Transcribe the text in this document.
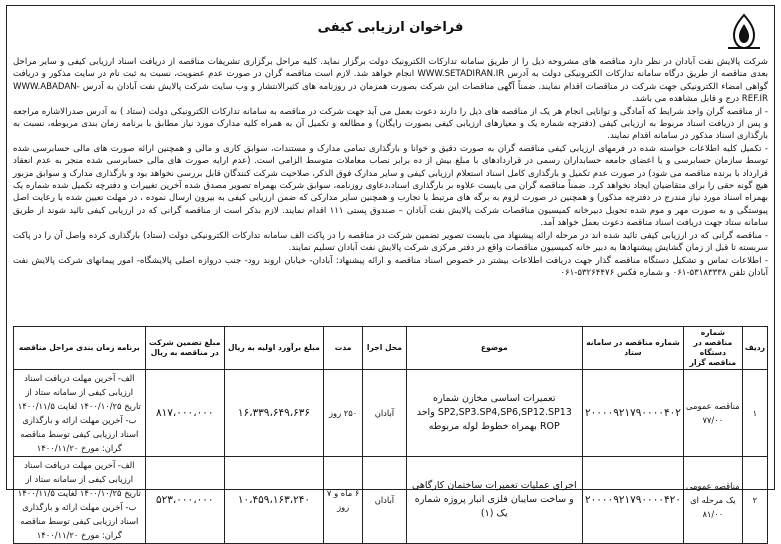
فراخوان ارزیابی کیفی

شرکت پالایش نفت آبادان در نظر دارد مناقصه های مشروحه ذیل را از طریق سامانه تدارکات الکترونیک دولت برگزار نماید. کلیه مراحل برگزاری تشریفات مناقصه از دریافت اسناد ارزیابی کیفی و سایر مراحل بعدی مناقصه از طریق درگاه سامانه تدارکات الکترونیکی دولت به آدرس WWW.SETADIRAN.IR انجام خواهد شد. لازم است مناقصه گران در صورت عدم عضویت، نسبت به ثبت نام در سایت مذکور و دریافت گواهی امضاء الکترونیکی جهت شرکت در مناقصات اقدام نمایند. ضمناً آگهی مناقصات این شرکت بصورت همزمان در روزنامه های کثیرالانتشار و وب سایت شرکت پالایش نفت آبادان به آدرس WWW.ABADAN- REF.IR درج و قابل مشاهده می باشد.

- از مناقصه گران واجد شرایط که آمادگی و توانایی انجام هر یک از مناقصه های ذیل را دارند دعوت بعمل می آید جهت شرکت در مناقصه به سامانه تدارکات الکترونیکی دولت (ستاد ) به آدرس صدرالاشاره مراجعه و پس از دریافت اسناد مربوط به ارزیابی کیفی (دفترچه شماره یک و معیارهای ارزیابی کیفی بصورت رایگان) و مطالعه و تکمیل آن به همراه کلیه مدارک مورد نیاز مطابق با برنامه زمان بندی مربوطه، نسبت به بارگذاری اسناد مذکور در سامانه اقدام نمایند.

- تکمیل کلیه اطلاعات خواسته شده در فرمهای ارزیابی کیفی مناقصه گران به صورت دقیق و خوانا و بارگذاری تمامی مدارک و مستندات، سوابق کاری و مالی و همچنین ارائه صورت های مالی حسابرسی شده توسط سازمان حسابرسی و یا اعضای جامعه حسابداران رسمی در قراردادهای با مبلغ بیش از ده برابر نصاب معاملات متوسط الزامی است. (عدم ارایه صورت های مالی حسابرسی شده منجر به عدم انعقاد قرارداد با برنده مناقصه می شود) در صورت عدم تکمیل و بارگذاری کامل اسناد استعلام ارزیابی کیفی و سایر مدارک فوق الذکر، صلاحیت شرکت کنندگان قابل بررسی نخواهد بود و بارگذاری مدارک و سوابق مزبور هیچ گونه حقی را برای متقاضیان ایجاد نخواهد کرد. ضمناً مناقصه گران می بایست علاوه بر بارگذاری اسناد،دعاوی روزنامه، سوابق شرکت بهمراه تصویر مصدق شده آخرین تغییرات و دفترچه تکمیل شده شماره یک بهمراه اسناد مورد نیاز مندرج در دفترچه مذکور) و همچنین در صورت لزوم به برگه های مرتبط با تجارب و همچنین سایر مدارکی که ضمن ارزیابی کیفی به بیرون ارسال نموده ، در مهلت تعیین شده با رعایت اصل پیوستگی و به صورت مهر و موم شده تحویل دبیرخانه کمیسیون مناقصات شرکت پالایش نفت آبادان – صندوق پستی ۱۱۱ اقدام نمایند. لازم بذکر است از مناقصه گرانی که در ارزیابی کیفی تائید شوند از طریق سامانه ستاد جهت دریافت اسناد مناقصه دعوت بعمل خواهد آمد.

- مناقصه گرانی که در ارزیابی کیفی تائید شده اند در مرحله ارائه پیشنهاد می بایست تصویر تضمین شرکت در مناقصه را در پاکت الف سامانه تدارکات الکترونیکی دولت (ستاد) بارگذاری کرده واصل آن را در پاکت سربسته تا قبل از زمان گشایش پیشنهادها به دبیر خانه کمیسیون مناقصات واقع در دفتر مرکزی شرکت پالایش نفت آبادان تسلیم نمایند.

- اطلاعات تماس و تشکیل دستگاه مناقصه گذار جهت دریافت اطلاعات بیشتر در خصوص اسناد مناقصه و ارائه پیشنهاد: آبادان- خیابان اروند رود- جنب دروازه اصلی پالایشگاه- امور پیمانهای شرکت پالایش نفت آبادان تلفن ۵۳۱۸۳۳۳۸-۰۶۱ و شماره فکس ۵۳۲۶۴۴۷۶-۰۶۱

ردیف	شماره مناقصه در دستگاه مناقصه گزار	شماره مناقصه در سامانه ستاد	موضوع	محل اجرا	مدت	مبلغ برآورد اولیه به ریال	مبلغ تضمین شرکت در مناقصه به ریال	برنامه زمان بندی مراحل مناقصه
۱	مناقصه عمومی ۷۷/۰۰	۲۰۰۰۰۹۲۱۷۹۰۰۰۰۴۰۲	تعمیرات اساسی مخازن شماره SP2,SP3.SP4,SP6,SP12.SP13 واحد ROP بهمراه خطوط لوله مربوطه	آبادان	۲۵۰ روز	۱۶،۳۳۹،۶۴۹،۶۳۶	۸۱۷،۰۰۰،۰۰۰	الف- آخرین مهلت دریافت اسناد ارزیابی کیفی از سامانه ستاد از تاریخ ۱۴۰۰/۱۰/۲۵ لغایت ۱۴۰۰/۱۱/۵ ب- آخرین مهلت ارائه و بارگذاری اسناد ارزیابی کیفی توسط مناقصه گران: مورخ ۱۴۰۰/۱۱/۲۰
۲	مناقصه عمومی یک مرحله ای ۸۱/۰۰	۲۰۰۰۰۹۲۱۷۹۰۰۰۰۴۲۰	اجرای عملیات تعمیرات ساختمان کارگاهی و ساخت سایبان فلزی انبار پروژه شماره یک (۱)	آبادان	۶ ماه و ۷ روز	۱۰،۴۵۹،۱۶۳،۲۴۰	۵۲۳،۰۰۰،۰۰۰	الف- آخرین مهلت دریافت اسناد ارزیابی کیفی از سامانه ستاد از تاریخ ۱۴۰۰/۱۰/۲۵ لغایت ۱۴۰۰/۱۱/۵ ب- آخرین مهلت ارائه و بارگذاری اسناد ارزیابی کیفی توسط مناقصه گران: مورخ ۱۴۰۰/۱۱/۲۰
